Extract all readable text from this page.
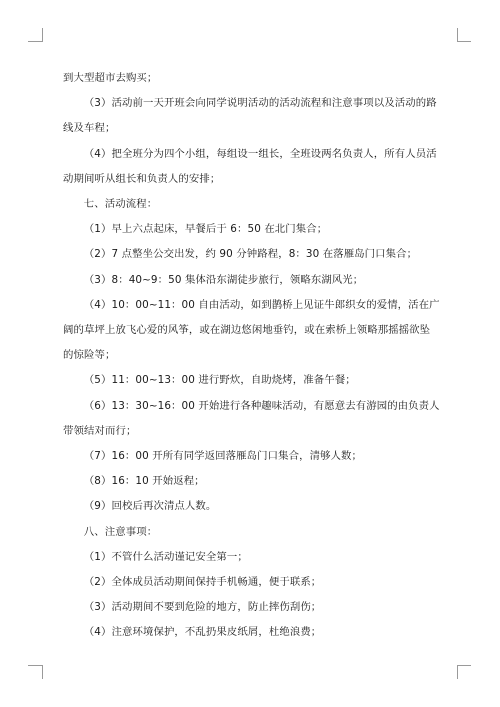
到大型超市去购买；

（3）活动前一天开班会向同学说明活动的活动流程和注意事项以及活动的路线及车程；

（4）把全班分为四个小组，每组设一组长，全班设两名负责人，所有人员活动期间听从组长和负责人的安排；

七、活动流程：

（1）早上六点起床，早餐后于 6：50 在北门集合；

（2）7 点整坐公交出发，约 90 分钟路程，8：30 在落雁岛门口集合；

（3）8：40~9：50 集体沿东湖徒步旅行，领略东湖风光；

（4）10：00~11：00 自由活动，如到鹊桥上见证牛郎织女的爱情，活在广阔的草坪上放飞心爱的风筝，或在湖边悠闲地垂钓，或在索桥上领略那摇摇欲坠的惊险等；

（5）11：00~13：00 进行野炊，自助烧烤，准备午餐；

（6）13：30~16：00 开始进行各种趣味活动，有愿意去有游园的由负责人带领结对而行；

（7）16：00 开所有同学返回落雁岛门口集合，清够人数；

（8）16：10 开始返程；

（9）回校后再次清点人数。

八、注意事项：

（1）不管什么活动谨记安全第一；

（2）全体成员活动期间保持手机畅通，便于联系；

（3）活动期间不要到危险的地方，防止摔伤刮伤；

（4）注意环境保护，不乱扔果皮纸屑，杜绝浪费；
